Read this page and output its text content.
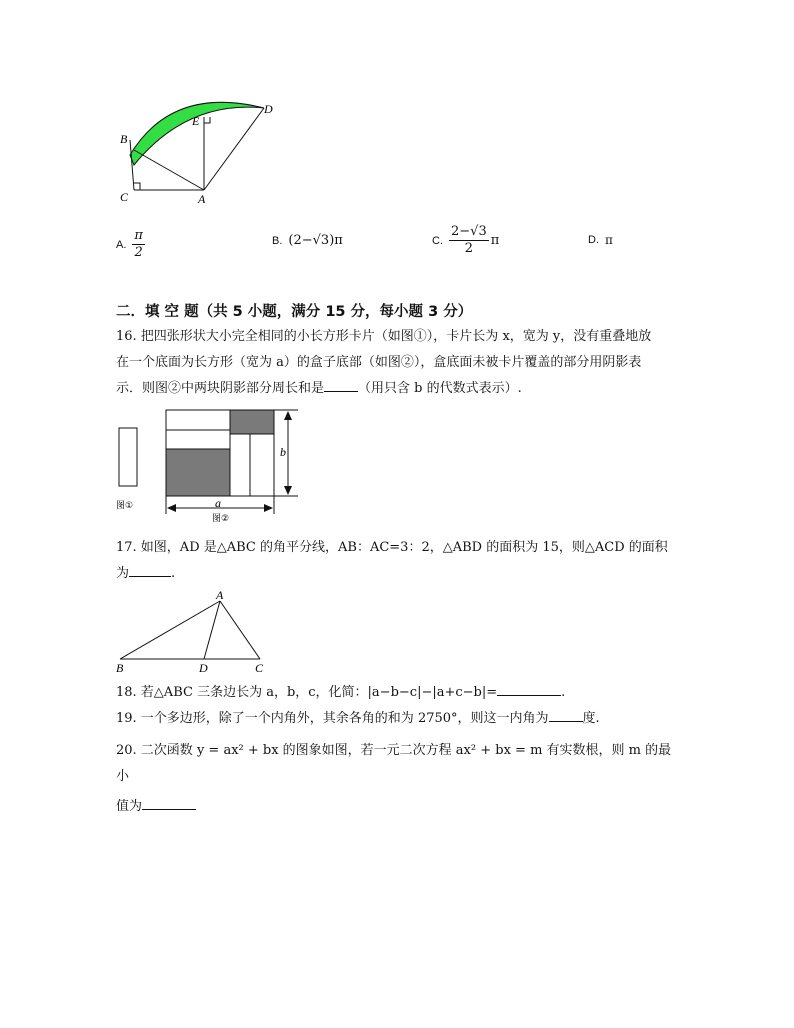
B
E
D
C	A
A. $\frac{\pi}{2}$	B. (2−√3)π	C. $\frac{2-√3}{2}$ π	D. π
二．填 空 题（共 5 小题，满分 15 分，每小题 3 分）
16. 把四张形状大小完全相同的小长方形卡片（如图①），卡片长为 x，宽为 y，没有重叠地放
在一个底面为长方形（宽为 a）的盒子底部（如图②），盒底面未被卡片覆盖的部分用阴影表
示．则图②中两块阴影部分周长和是	（用只含 b 的代数式表示）.
图①
b
a
图②
17. 如图，AD 是△ABC 的角平分线，AB：AC=3：2，△ABD 的面积为 15，则△ACD 的面积
为	.
A
B	D	C
18. 若△ABC 三条边长为 a，b，c，化简：|a−b−c|−|a+c−b|=	.
19. 一个多边形，除了一个内角外，其余各角的和为 2750°，则这一内角为	度.
20. 二次函数 y = ax² + bx 的图象如图，若一元二次方程 ax² + bx = m 有实数根，则 m 的最小
值为
